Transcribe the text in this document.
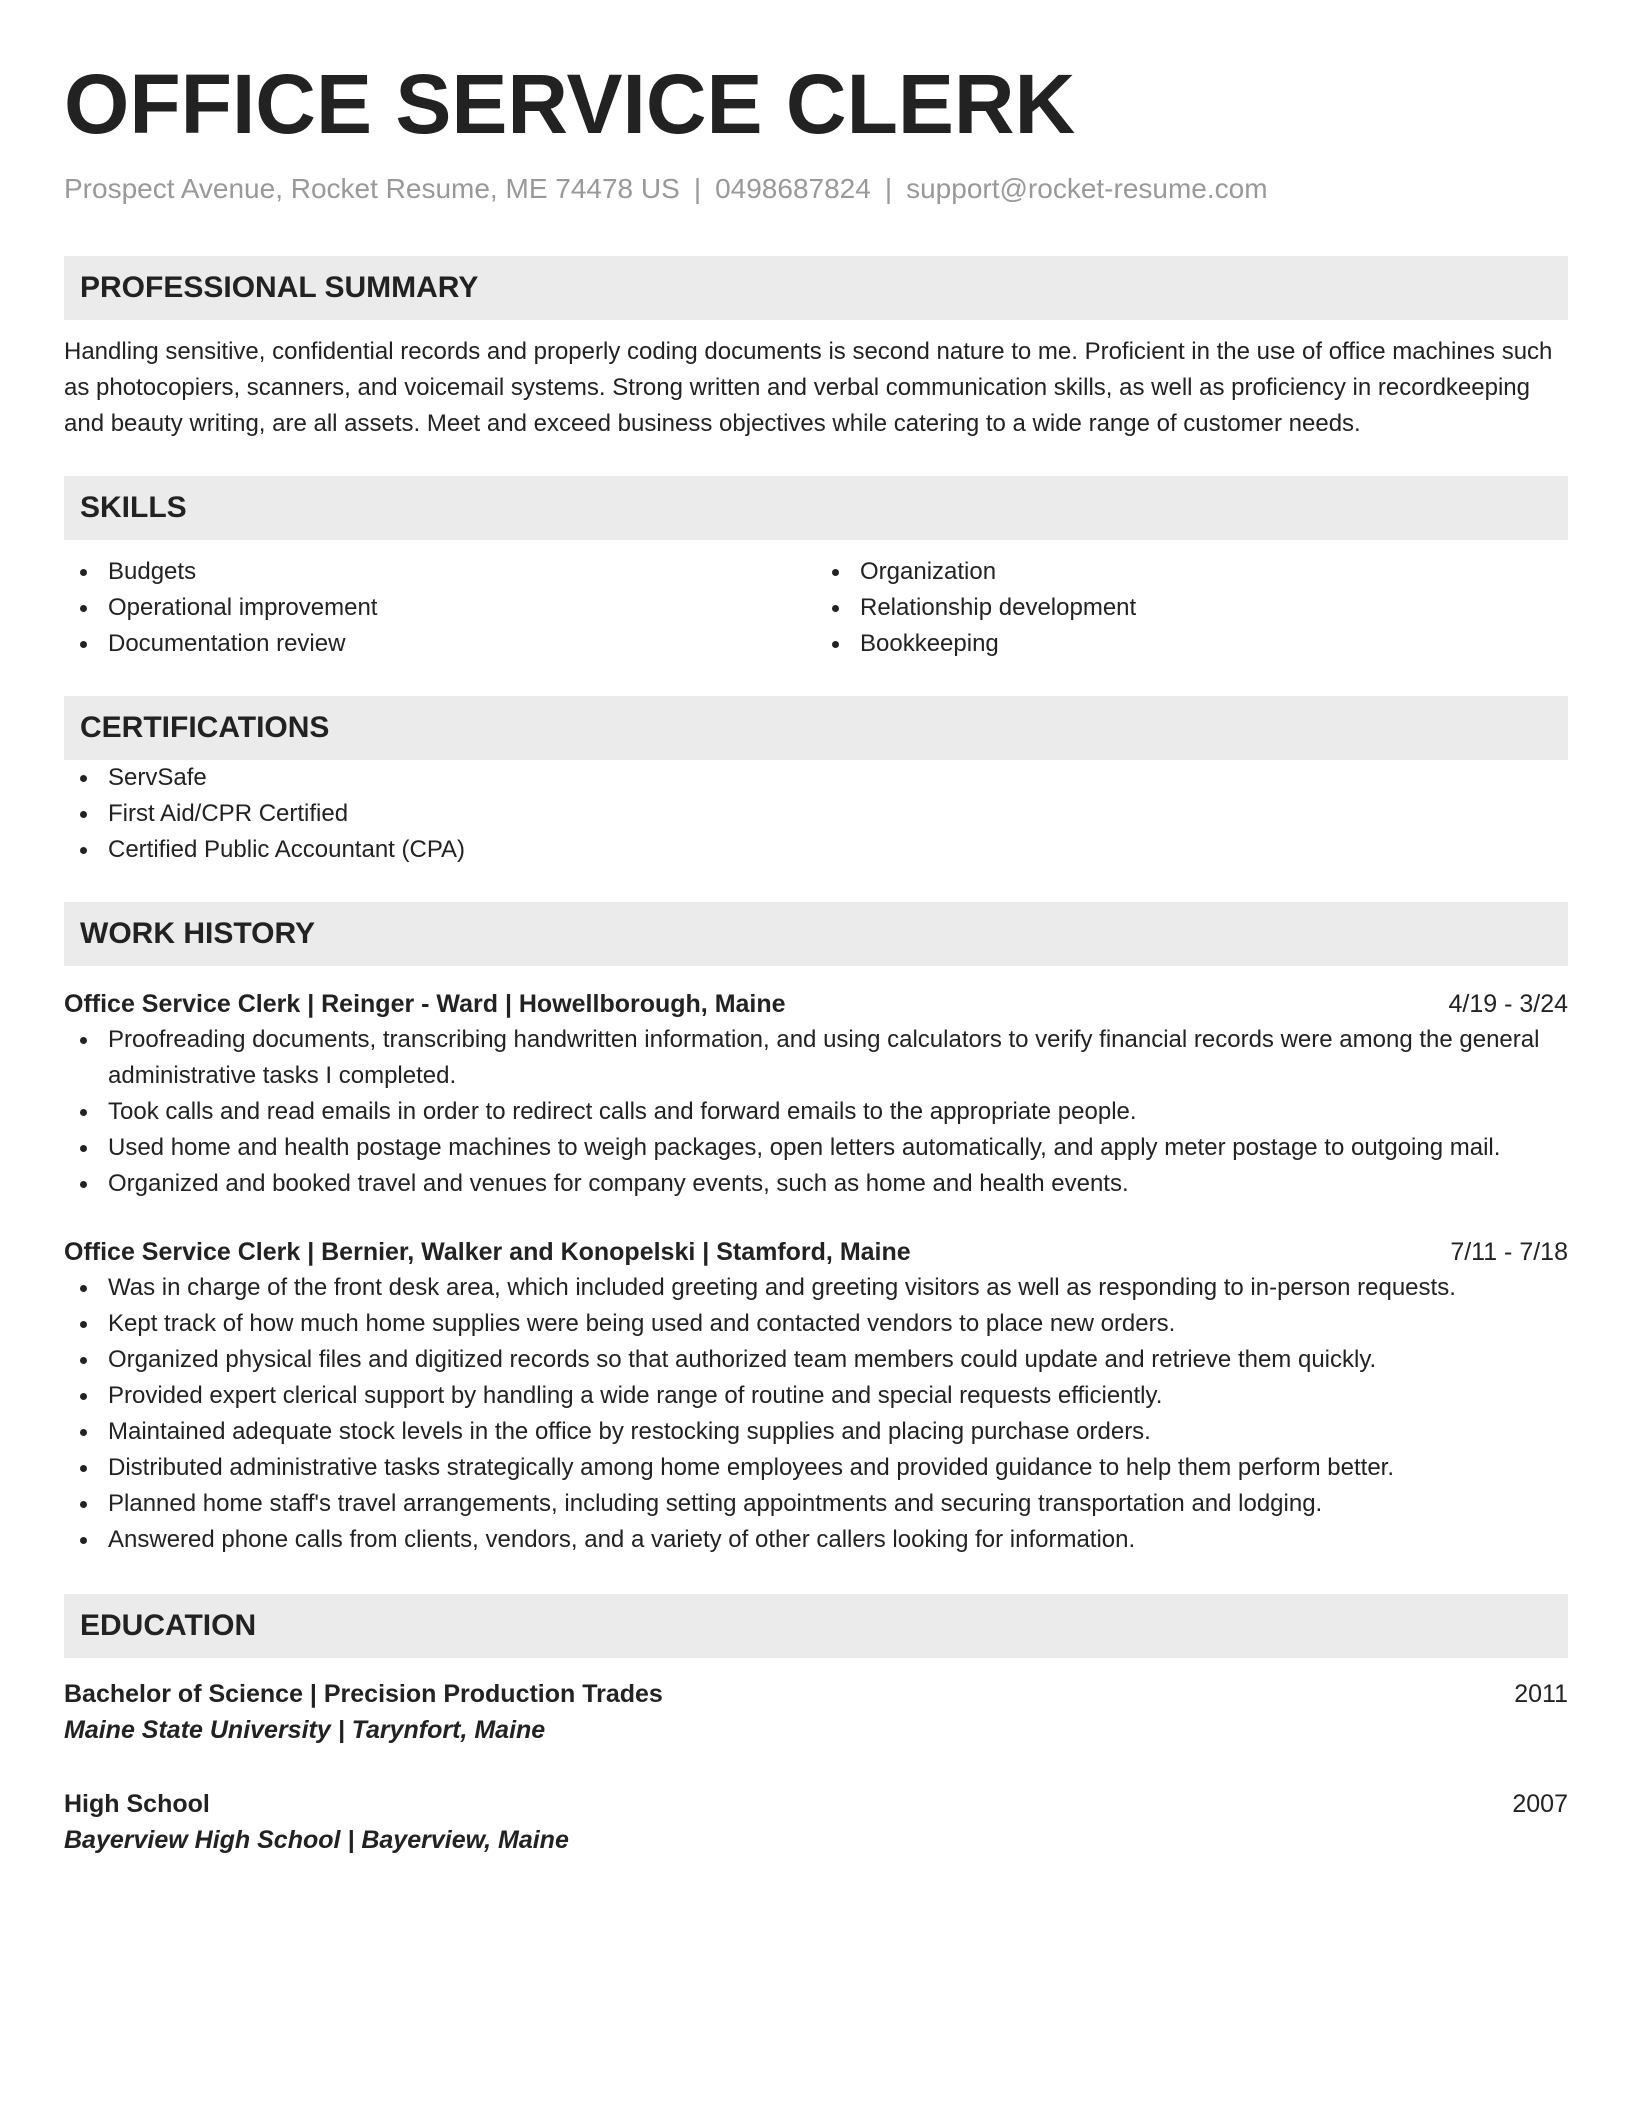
OFFICE SERVICE CLERK
Prospect Avenue, Rocket Resume, ME 74478 US | 0498687824 | support@rocket-resume.com
PROFESSIONAL SUMMARY

Handling sensitive, confidential records and properly coding documents is second nature to me. Proficient in the use of office machines such as photocopiers, scanners, and voicemail systems. Strong written and verbal communication skills, as well as proficiency in recordkeeping and beauty writing, are all assets. Meet and exceed business objectives while catering to a wide range of customer needs.

SKILLS
Budgets
Operational improvement
Documentation review
Organization
Relationship development
Bookkeeping
CERTIFICATIONS
ServSafe
First Aid/CPR Certified
Certified Public Accountant (CPA)
WORK HISTORY
Office Service Clerk | Reinger - Ward | Howellborough, Maine	4/19 - 3/24
Proofreading documents, transcribing handwritten information, and using calculators to verify financial records were among the general administrative tasks I completed.
Took calls and read emails in order to redirect calls and forward emails to the appropriate people.
Used home and health postage machines to weigh packages, open letters automatically, and apply meter postage to outgoing mail.
Organized and booked travel and venues for company events, such as home and health events.
Office Service Clerk | Bernier, Walker and Konopelski | Stamford, Maine	7/11 - 7/18
Was in charge of the front desk area, which included greeting and greeting visitors as well as responding to in-person requests.
Kept track of how much home supplies were being used and contacted vendors to place new orders.
Organized physical files and digitized records so that authorized team members could update and retrieve them quickly.
Provided expert clerical support by handling a wide range of routine and special requests efficiently.
Maintained adequate stock levels in the office by restocking supplies and placing purchase orders.
Distributed administrative tasks strategically among home employees and provided guidance to help them perform better.
Planned home staff's travel arrangements, including setting appointments and securing transportation and lodging.
Answered phone calls from clients, vendors, and a variety of other callers looking for information.
EDUCATION
Bachelor of Science | Precision Production Trades	2011
Maine State University | Tarynfort, Maine
High School	2007
Bayerview High School | Bayerview, Maine
